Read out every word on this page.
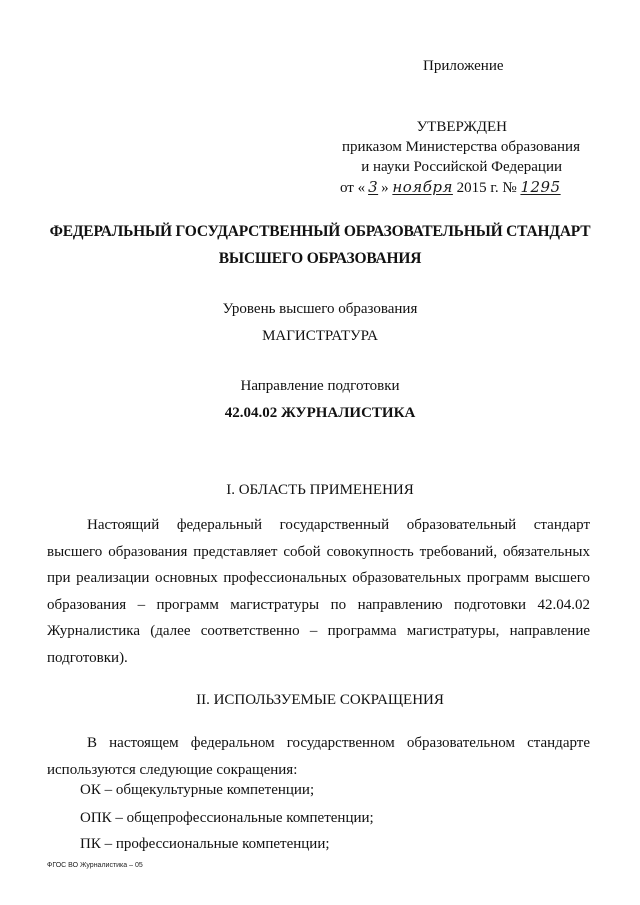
Приложение
УТВЕРЖДЕН
приказом Министерства образования
и науки Российской Федерации
от « 3 » ноября 2015 г. № 1295
ФЕДЕРАЛЬНЫЙ ГОСУДАРСТВЕННЫЙ ОБРАЗОВАТЕЛЬНЫЙ СТАНДАРТ
ВЫСШЕГО ОБРАЗОВАНИЯ
Уровень высшего образования
МАГИСТРАТУРА
Направление подготовки
42.04.02 ЖУРНАЛИСТИКА
I. ОБЛАСТЬ ПРИМЕНЕНИЯ
Настоящий федеральный государственный образовательный стандарт высшего образования представляет собой совокупность требований, обязательных при реализации основных профессиональных образовательных программ высшего образования – программ магистратуры по направлению подготовки 42.04.02 Журналистика (далее соответственно – программа магистратуры, направление подготовки).
II. ИСПОЛЬЗУЕМЫЕ СОКРАЩЕНИЯ
В настоящем федеральном государственном образовательном стандарте используются следующие сокращения:
ОК – общекультурные компетенции;
ОПК – общепрофессиональные компетенции;
ПК – профессиональные компетенции;
ФГОС ВО Журналистика – 05
